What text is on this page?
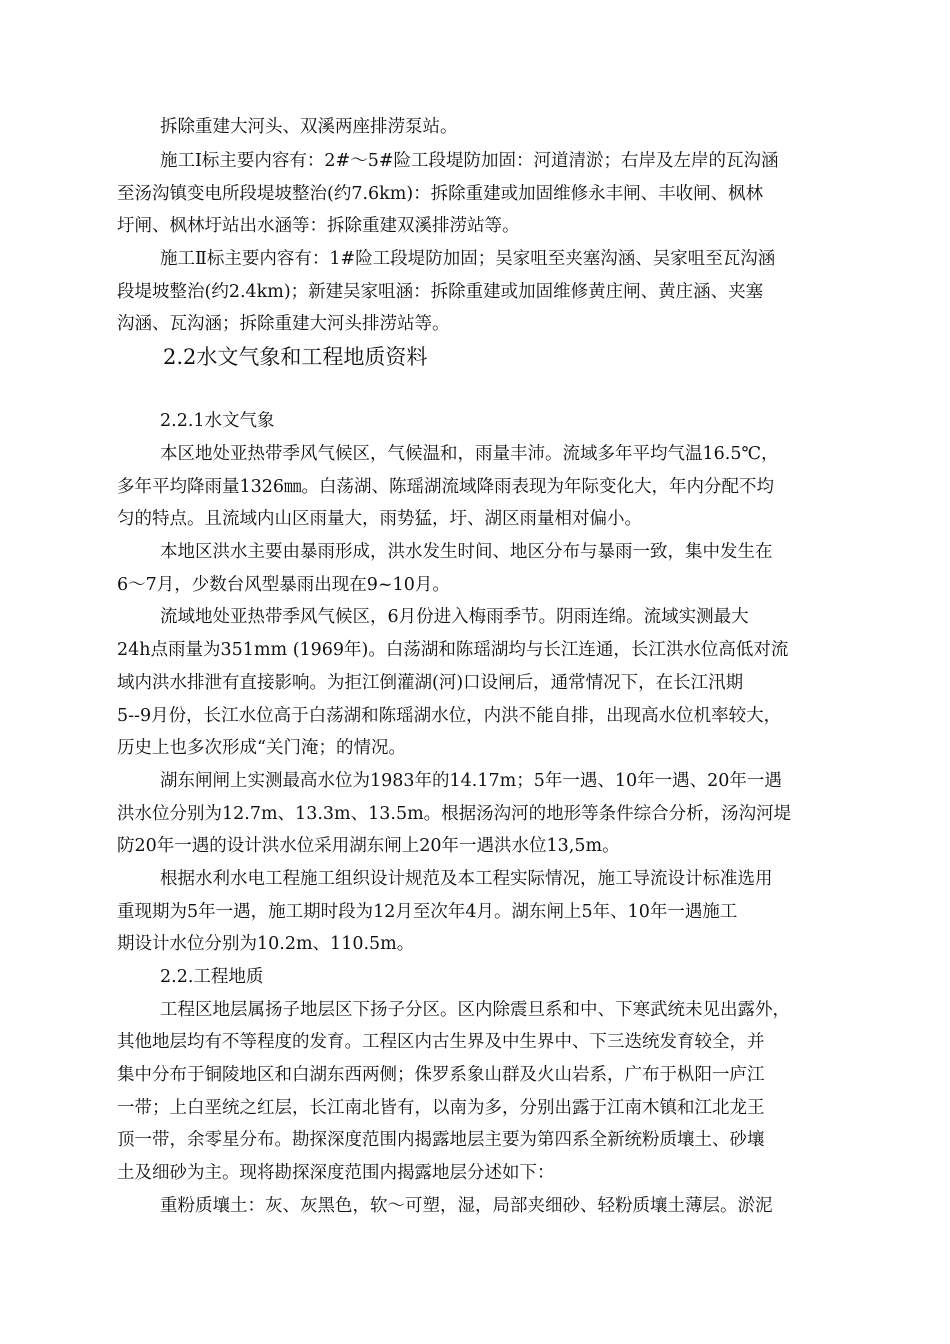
拆除重建大河头、双溪两座排涝泵站。

施工Ⅰ标主要内容有：2#～5#险工段堤防加固：河道清淤；右岸及左岸的瓦沟涵

至汤沟镇变电所段堤坡整治(约7.6km)：拆除重建或加固维修永丰闸、丰收闸、枫林

圩闸、枫林圩站出水涵等：拆除重建双溪排涝站等。

施工Ⅱ标主要内容有：1#险工段堤防加固；吴家咀至夹塞沟涵、吴家咀至瓦沟涵

段堤坡整治(约2.4km)；新建吴家咀涵：拆除重建或加固维修黄庄闸、黄庄涵、夹塞

沟涵、瓦沟涵；拆除重建大河头排涝站等。

2.2水文气象和工程地质资料
2.2.1水文气象

本区地处亚热带季风气候区，气候温和，雨量丰沛。流域多年平均气温16.5℃，

多年平均降雨量1326㎜。白荡湖、陈瑶湖流域降雨表现为年际变化大，年内分配不均

匀的特点。且流域内山区雨量大，雨势猛，圩、湖区雨量相对偏小。

本地区洪水主要由暴雨形成，洪水发生时间、地区分布与暴雨一致，集中发生在

6～7月，少数台风型暴雨出现在9~10月。

流域地处亚热带季风气候区，6月份进入梅雨季节。阴雨连绵。流域实测最大

24h点雨量为351mm (1969年)。白荡湖和陈瑶湖均与长江连通，长江洪水位高低对流

域内洪水排泄有直接影响。为拒江倒灌湖(河)口设闸后，通常情况下，在长江汛期

5--9月份，长江水位高于白荡湖和陈瑶湖水位，内洪不能自排，出现高水位机率较大，

历史上也多次形成“关门淹；的情况。

湖东闸闸上实测最高水位为1983年的14.17m；5年一遇、10年一遇、20年一遇

洪水位分别为12.7m、13.3m、13.5m。根据汤沟河的地形等条件综合分析，汤沟河堤

防20年一遇的设计洪水位采用湖东闸上20年一遇洪水位13,5m。

根据水利水电工程施工组织设计规范及本工程实际情况，施工导流设计标准选用

重现期为5年一遇，施工期时段为12月至次年4月。湖东闸上5年、10年一遇施工

期设计水位分别为10.2m、110.5m。

2.2.工程地质

工程区地层属扬子地层区下扬子分区。区内除震旦系和中、下寒武统未见出露外，

其他地层均有不等程度的发育。工程区内古生界及中生界中、下三迭统发育较全，并

集中分布于铜陵地区和白湖东西两侧；侏罗系象山群及火山岩系，广布于枞阳一庐江

一带；上白垩统之红层，长江南北皆有，以南为多，分别出露于江南木镇和江北龙王

顶一带，余零星分布。勘探深度范围内揭露地层主要为第四系全新统粉质壤土、砂壤

土及细砂为主。现将勘探深度范围内揭露地层分述如下：

重粉质壤土：灰、灰黑色，软～可塑，湿，局部夹细砂、轻粉质壤土薄层。淤泥
